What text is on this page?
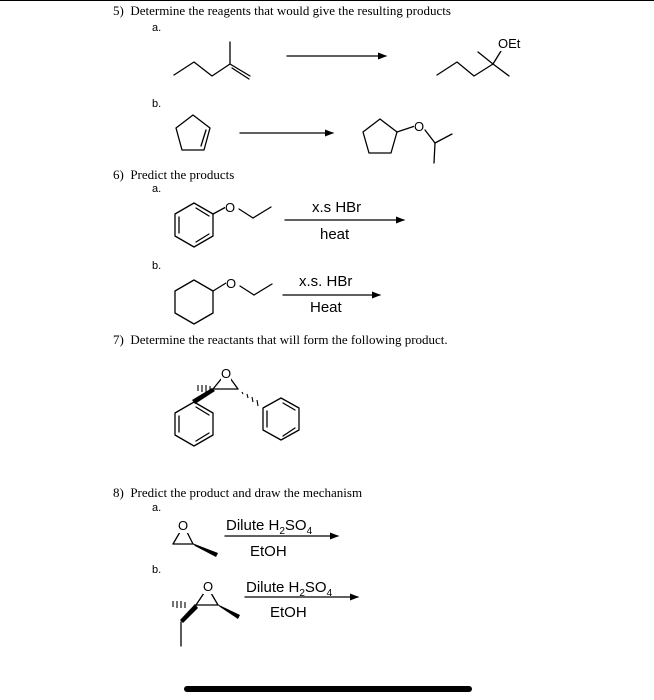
5)  Determine the reagents that would give the resulting products
a.
b.
OEt
O
6)  Predict the products
a.
O	x.s HBr
heat
b.
O	x.s. HBr
Heat
7)  Determine the reactants that will form the following product.
O
8)  Predict the product and draw the mechanism
a.
O	Dilute $H_2SO_4$
EtOH
b.
O Dilute $H_2SO_4$
EtOH
